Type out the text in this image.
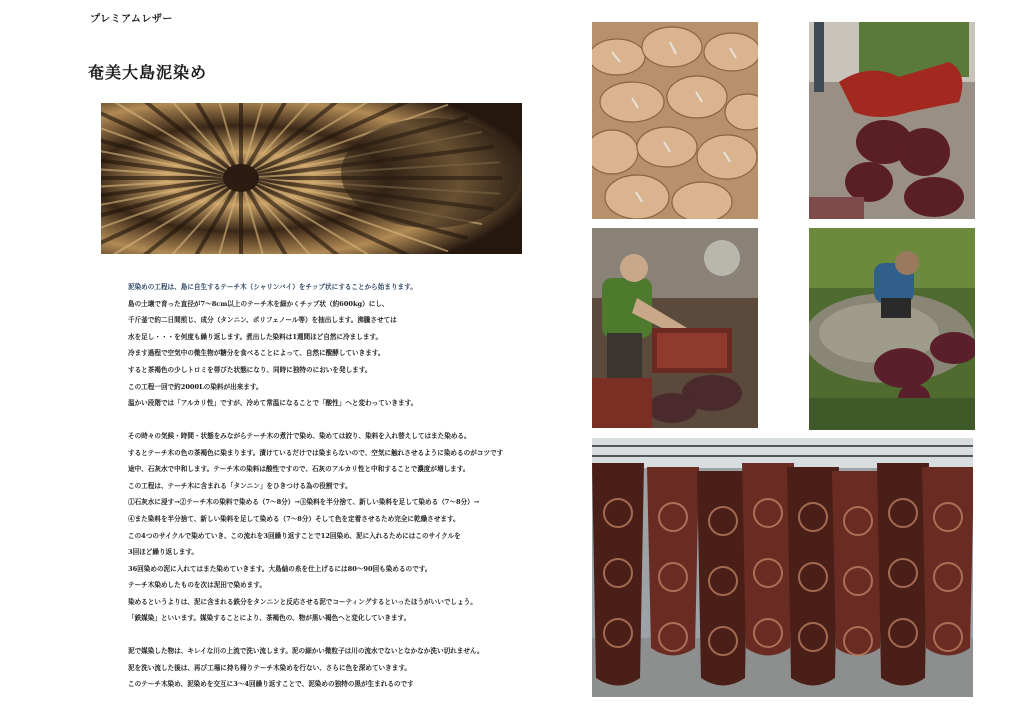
プレミアムレザー
奄美大島泥染め

泥染めの工程は、島に自生するテーチ木（シャリンバイ）をチップ状にすることから始まります。

島の土壌で育った直径が7～8cm以上のテーチ木を細かくチップ状（約600kg）にし、

千斤釜で約二日間煎じ、成分（タンニン、ポリフェノール等）を抽出します。沸騰させては

水を足し・・・を何度も繰り返します。煮出した染料は1週間ほど自然に冷まします。

冷ます過程で空気中の微生物が糖分を食べることによって、自然に醗酵していきます。

すると茶褐色の少しトロミを帯びた状態になり、同時に独特のにおいを発します。

この工程一回で約2000Lの染料が出来ます。

温かい段階では「アルカリ性」ですが、冷めて常温になることで「酸性」へと変わっていきます。

その時々の気候・時間・状態をみながらテーチ木の煮汁で染め、染めては絞り、染料を入れ替えしてはまた染める。

するとテーチ木の色の茶褐色に染まります。漬けているだけでは染まらないので、空気に触れさせるように染めるのがコツです

途中、石灰水で中和します。テーチ木の染料は酸性ですので、石灰のアルカリ性と中和することで濃度が増します。

この工程は、テーチ木に含まれる「タンニン」をひきつける為の役割です。

①石灰水に浸す→②テーチ木の染料で染める（7～8分）→③染料を半分捨て、新しい染料を足して染める（7～8分）→

④また染料を半分捨て、新しい染料を足して染める（7～8分）そして色を定着させるため完全に乾燥させます。

この4つのサイクルで染めていき、この流れを3回繰り返すことで12回染め、泥に入れるためにはこのサイクルを

3回ほど繰り返します。

36回染めの泥に入れてはまた染めていきます。大島紬の糸を仕上げるには80～90回も染めるのです。

テーチ木染めしたものを次は泥田で染めます。

染めるというよりは、泥に含まれる鉄分をタンニンと反応させる泥でコーティングするといったほうがいいでしょう。

「鉄媒染」といいます。媒染することにより、茶褐色の、物が黒い褐色へと変化していきます。

泥で媒染した物は、キレイな川の上流で洗い流します。泥の細かい微粒子は川の流水でないとなかなか洗い切れません。

泥を洗い流した後は、再び工場に持ち帰りテーチ木染めを行ない、さらに色を深めていきます。

このテーチ木染め、泥染めを交互に3～4回繰り返すことで、泥染めの独特の黒が生まれるのです
